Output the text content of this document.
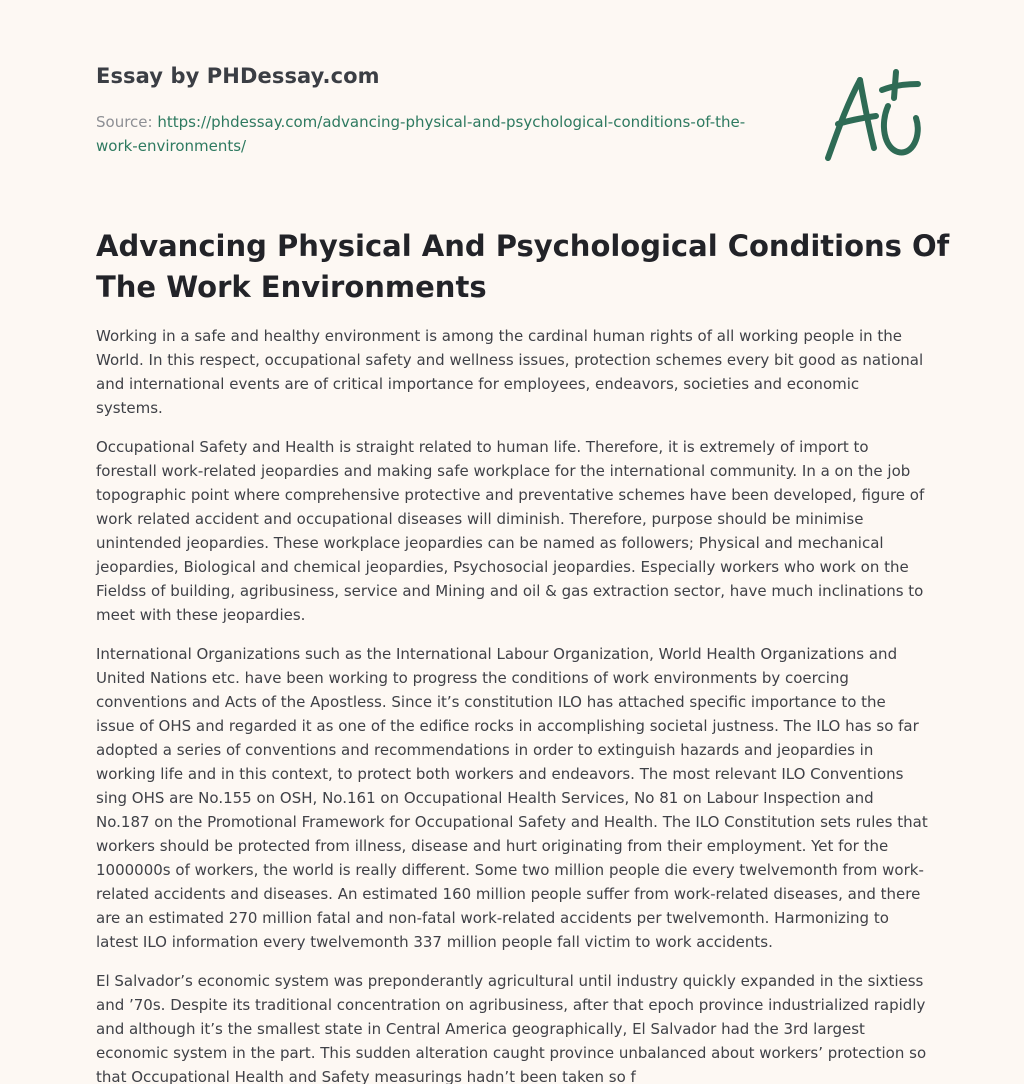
Essay by PHDessay.com
Source: https://phdessay.com/advancing-physical-and-psychological-conditions-of-the-work-environments/
Advancing Physical And Psychological Conditions Of The Work Environments

Working in a safe and healthy environment is among the cardinal human rights of all working people in the World. In this respect, occupational safety and wellness issues, protection schemes every bit good as national and international events are of critical importance for employees, endeavors, societies and economic systems.

Occupational Safety and Health is straight related to human life. Therefore, it is extremely of import to forestall work-related jeopardies and making safe workplace for the international community. In a on the job topographic point where comprehensive protective and preventative schemes have been developed, figure of work related accident and occupational diseases will diminish. Therefore, purpose should be minimise unintended jeopardies. These workplace jeopardies can be named as followers; Physical and mechanical jeopardies, Biological and chemical jeopardies, Psychosocial jeopardies. Especially workers who work on the Fieldss of building, agribusiness, service and Mining and oil & gas extraction sector, have much inclinations to meet with these jeopardies.

International Organizations such as the International Labour Organization, World Health Organizations and United Nations etc. have been working to progress the conditions of work environments by coercing conventions and Acts of the Apostless. Since it’s constitution ILO has attached specific importance to the issue of OHS and regarded it as one of the edifice rocks in accomplishing societal justness. The ILO has so far adopted a series of conventions and recommendations in order to extinguish hazards and jeopardies in working life and in this context, to protect both workers and endeavors. The most relevant ILO Conventions sing OHS are No.155 on OSH, No.161 on Occupational Health Services, No 81 on Labour Inspection and No.187 on the Promotional Framework for Occupational Safety and Health. The ILO Constitution sets rules that workers should be protected from illness, disease and hurt originating from their employment. Yet for the 1000000s of workers, the world is really different. Some two million people die every twelvemonth from work-related accidents and diseases. An estimated 160 million people suffer from work-related diseases, and there are an estimated 270 million fatal and non-fatal work-related accidents per twelvemonth. Harmonizing to latest ILO information every twelvemonth 337 million people fall victim to work accidents.

El Salvador’s economic system was preponderantly agricultural until industry quickly expanded in the sixtiess and ’70s. Despite its traditional concentration on agribusiness, after that epoch province industrialized rapidly and although it’s the smallest state in Central America geographically, El Salvador had the 3rd largest economic system in the part. This sudden alteration caught province unbalanced about workers’ protection so that Occupational Health and Safety measurings hadn’t been taken so f
